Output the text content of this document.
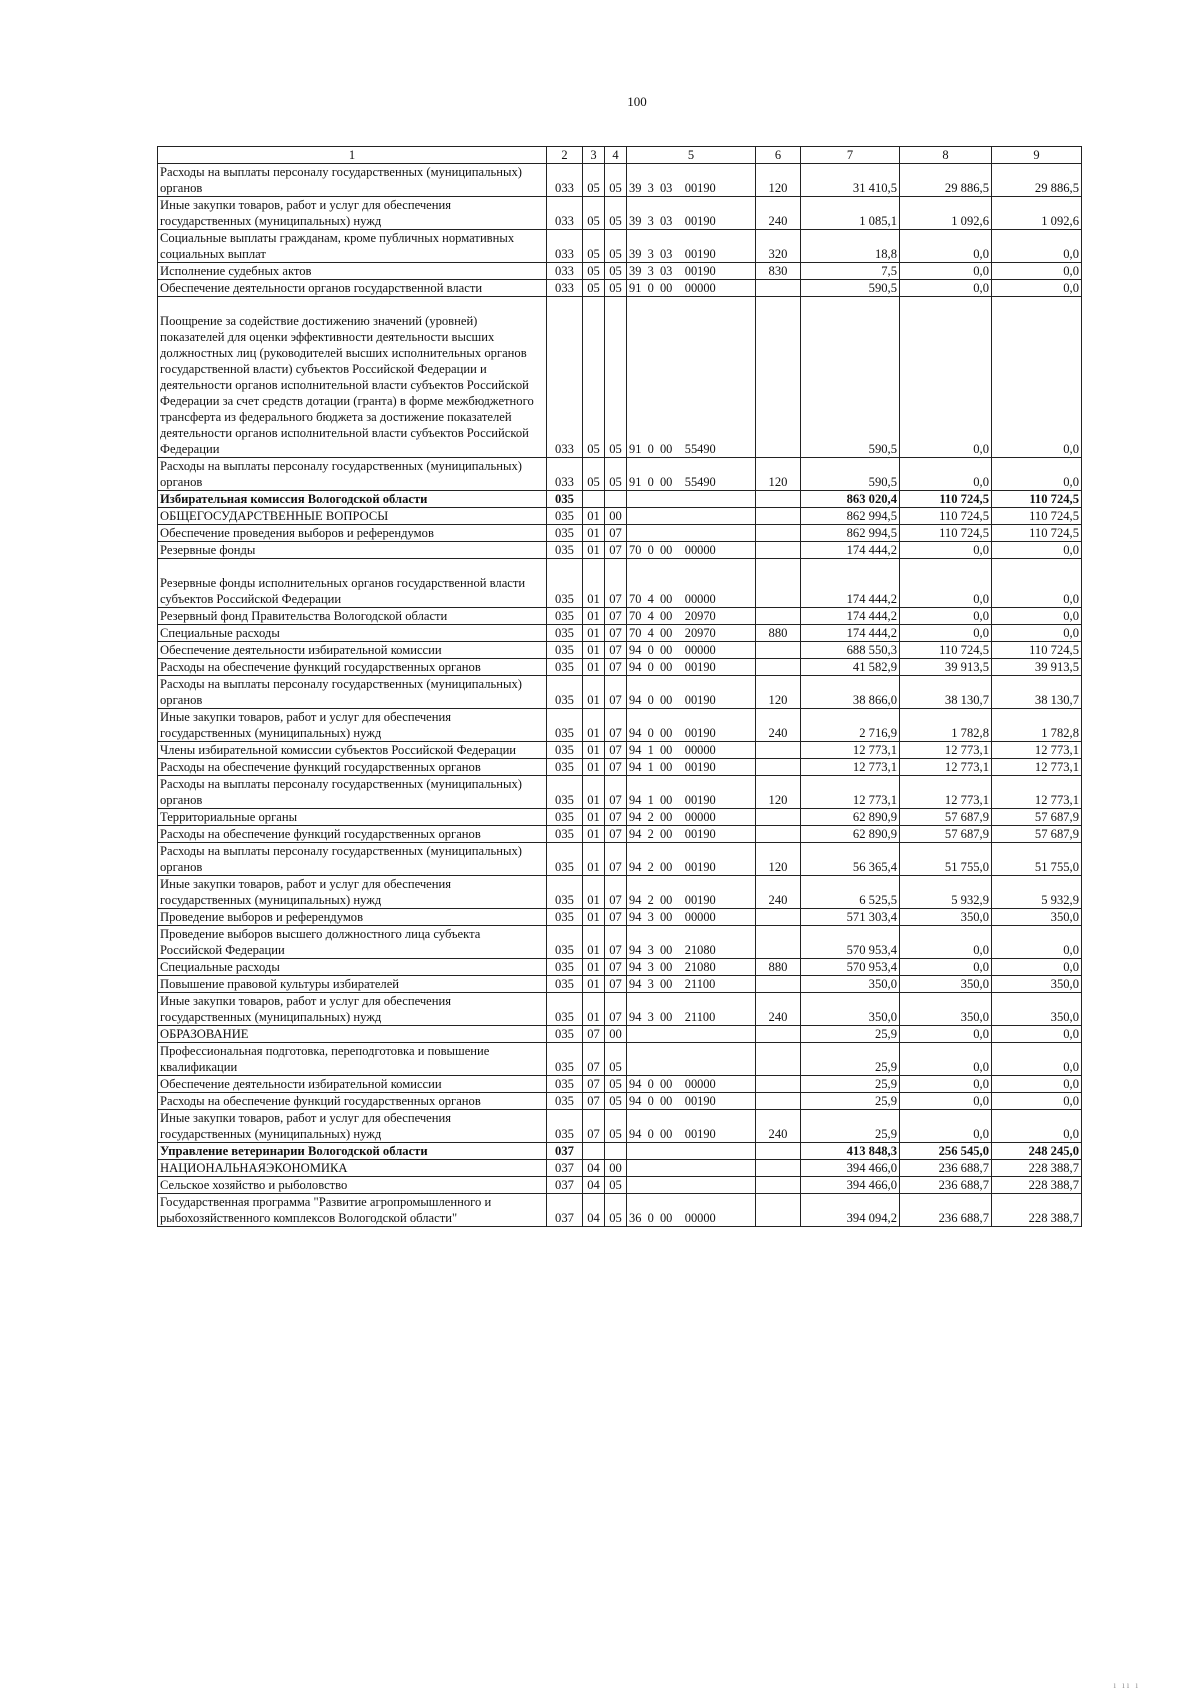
100
1	2	3	4	5	6	7	8	9
Расходы на выплаты персоналу государственных (муниципальных) органов	033	05	05	39  3  03    00190	120	31 410,5	29 886,5	29 886,5
Иные закупки товаров, работ и услуг для обеспечения государственных (муниципальных) нужд	033	05	05	39  3  03    00190	240	1 085,1	1 092,6	1 092,6
Социальные выплаты гражданам, кроме публичных нормативных социальных выплат	033	05	05	39  3  03    00190	320	18,8	0,0	0,0
Исполнение судебных актов	033	05	05	39  3  03    00190	830	7,5	0,0	0,0
Обеспечение деятельности органов государственной власти	033	05	05	91  0  00    00000		590,5	0,0	0,0
Поощрение за содействие достижению значений (уровней) показателей для оценки эффективности деятельности высших должностных лиц (руководителей высших исполнительных органов государственной власти) субъектов Российской Федерации и деятельности органов исполнительной власти субъектов Российской Федерации за счет средств дотации (гранта) в форме межбюджетного трансферта из федерального бюджета за достижение показателей деятельности органов исполнительной власти субъектов Российской Федерации	033	05	05	91  0  00    55490		590,5	0,0	0,0
Расходы на выплаты персоналу государственных (муниципальных) органов	033	05	05	91  0  00    55490	120	590,5	0,0	0,0
Избирательная комиссия Вологодской области	035					863 020,4	110 724,5	110 724,5
ОБЩЕГОСУДАРСТВЕННЫЕ ВОПРОСЫ	035	01	00			862 994,5	110 724,5	110 724,5
Обеспечение проведения выборов и референдумов	035	01	07			862 994,5	110 724,5	110 724,5
Резервные фонды	035	01	07	70  0  00    00000		174 444,2	0,0	0,0
Резервные фонды исполнительных органов государственной власти субъектов Российской Федерации	035	01	07	70  4  00    00000		174 444,2	0,0	0,0
Резервный фонд Правительства Вологодской области	035	01	07	70  4  00    20970		174 444,2	0,0	0,0
Специальные расходы	035	01	07	70  4  00    20970	880	174 444,2	0,0	0,0
Обеспечение деятельности избирательной комиссии	035	01	07	94  0  00    00000		688 550,3	110 724,5	110 724,5
Расходы на обеспечение функций государственных органов	035	01	07	94  0  00    00190		41 582,9	39 913,5	39 913,5
Расходы на выплаты персоналу государственных (муниципальных) органов	035	01	07	94  0  00    00190	120	38 866,0	38 130,7	38 130,7
Иные закупки товаров, работ и услуг для обеспечения государственных (муниципальных) нужд	035	01	07	94  0  00    00190	240	2 716,9	1 782,8	1 782,8
Члены избирательной комиссии субъектов Российской Федерации	035	01	07	94  1  00    00000		12 773,1	12 773,1	12 773,1
Расходы на обеспечение функций государственных органов	035	01	07	94  1  00    00190		12 773,1	12 773,1	12 773,1
Расходы на выплаты персоналу государственных (муниципальных) органов	035	01	07	94  1  00    00190	120	12 773,1	12 773,1	12 773,1
Территориальные органы	035	01	07	94  2  00    00000		62 890,9	57 687,9	57 687,9
Расходы на обеспечение функций государственных органов	035	01	07	94  2  00    00190		62 890,9	57 687,9	57 687,9
Расходы на выплаты персоналу государственных (муниципальных) органов	035	01	07	94  2  00    00190	120	56 365,4	51 755,0	51 755,0
Иные закупки товаров, работ и услуг для обеспечения государственных (муниципальных) нужд	035	01	07	94  2  00    00190	240	6 525,5	5 932,9	5 932,9
Проведение выборов и референдумов	035	01	07	94  3  00    00000		571 303,4	350,0	350,0
Проведение выборов высшего должностного лица субъекта Российской Федерации	035	01	07	94  3  00    21080		570 953,4	0,0	0,0
Специальные расходы	035	01	07	94  3  00    21080	880	570 953,4	0,0	0,0
Повышение правовой культуры избирателей	035	01	07	94  3  00    21100		350,0	350,0	350,0
Иные закупки товаров, работ и услуг для обеспечения государственных (муниципальных) нужд	035	01	07	94  3  00    21100	240	350,0	350,0	350,0
ОБРАЗОВАНИЕ	035	07	00			25,9	0,0	0,0
Профессиональная подготовка, переподготовка и повышение квалификации	035	07	05			25,9	0,0	0,0
Обеспечение деятельности избирательной комиссии	035	07	05	94  0  00    00000		25,9	0,0	0,0
Расходы на обеспечение функций государственных органов	035	07	05	94  0  00    00190		25,9	0,0	0,0
Иные закупки товаров, работ и услуг для обеспечения государственных (муниципальных) нужд	035	07	05	94  0  00    00190	240	25,9	0,0	0,0
Управление ветеринарии Вологодской области	037					413 848,3	256 545,0	248 245,0
НАЦИОНАЛЬНАЯЭКОНОМИКА	037	04	00			394 466,0	236 688,7	228 388,7
Сельское хозяйство и рыболовство	037	04	05			394 466,0	236 688,7	228 388,7
Государственная программа "Развитие агропромышленного и рыбохозяйственного комплексов Вологодской области"	037	04	05	36  0  00    00000		394 094,2	236 688,7	228 388,7
ı ıı ı
